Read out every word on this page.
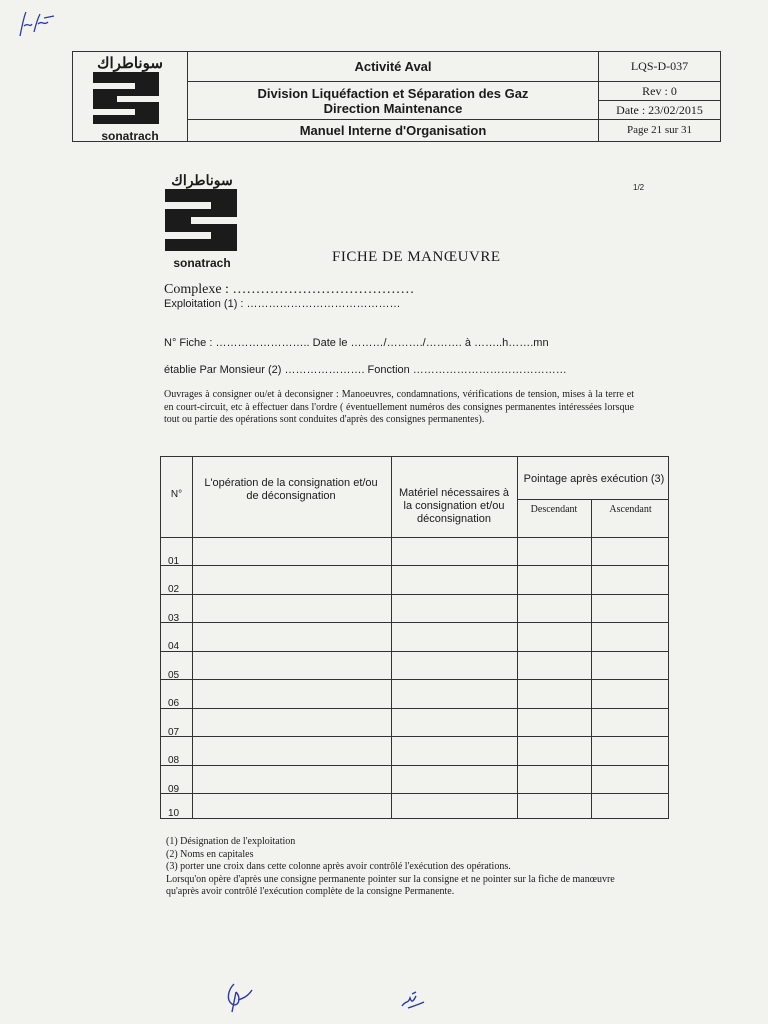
سوناطراك
sonatrach
Activité Aval
Division Liquéfaction et Séparation des Gaz
Direction Maintenance
Manuel Interne d'Organisation
LQS-D-037
Rev : 0
Date : 23/02/2015
Page 21 sur 31
سوناطراك
sonatrach
1/2
FICHE DE MANŒUVRE
Complexe : …………………………………
Exploitation (1) : ……………………………………
N° Fiche : …………………….. Date le ………/………./………. à ……..h…….mn
établie Par Monsieur (2) …………………. Fonction ……………………………………
Ouvrages à consigner ou/et à deconsigner : Manoeuvres, condamnations, vérifications de tension, mises à la terre et en court-circuit, etc à effectuer dans l'ordre ( éventuellement numéros des consignes permanentes intéressées lorsque tout ou partie des opérations sont conduites d'après des consignes permanentes).
N°
L'opération de la consignation et/ou de déconsignation	Matériel nécessaires à la consignation et/ou déconsignation
Pointage après exécution (3)
Descendant	Ascendant
01
02
03
04
05
06
07
08
09
10
(1) Désignation de l'exploitation
(2) Noms en capitales
(3) porter une croix dans cette colonne après avoir contrôlé l'exécution des opérations.
Lorsqu'on opère d'après une consigne permanente pointer sur la consigne et ne pointer sur la fiche de manœuvre qu'après avoir contrôlé l'exécution complète de la consigne Permanente.
